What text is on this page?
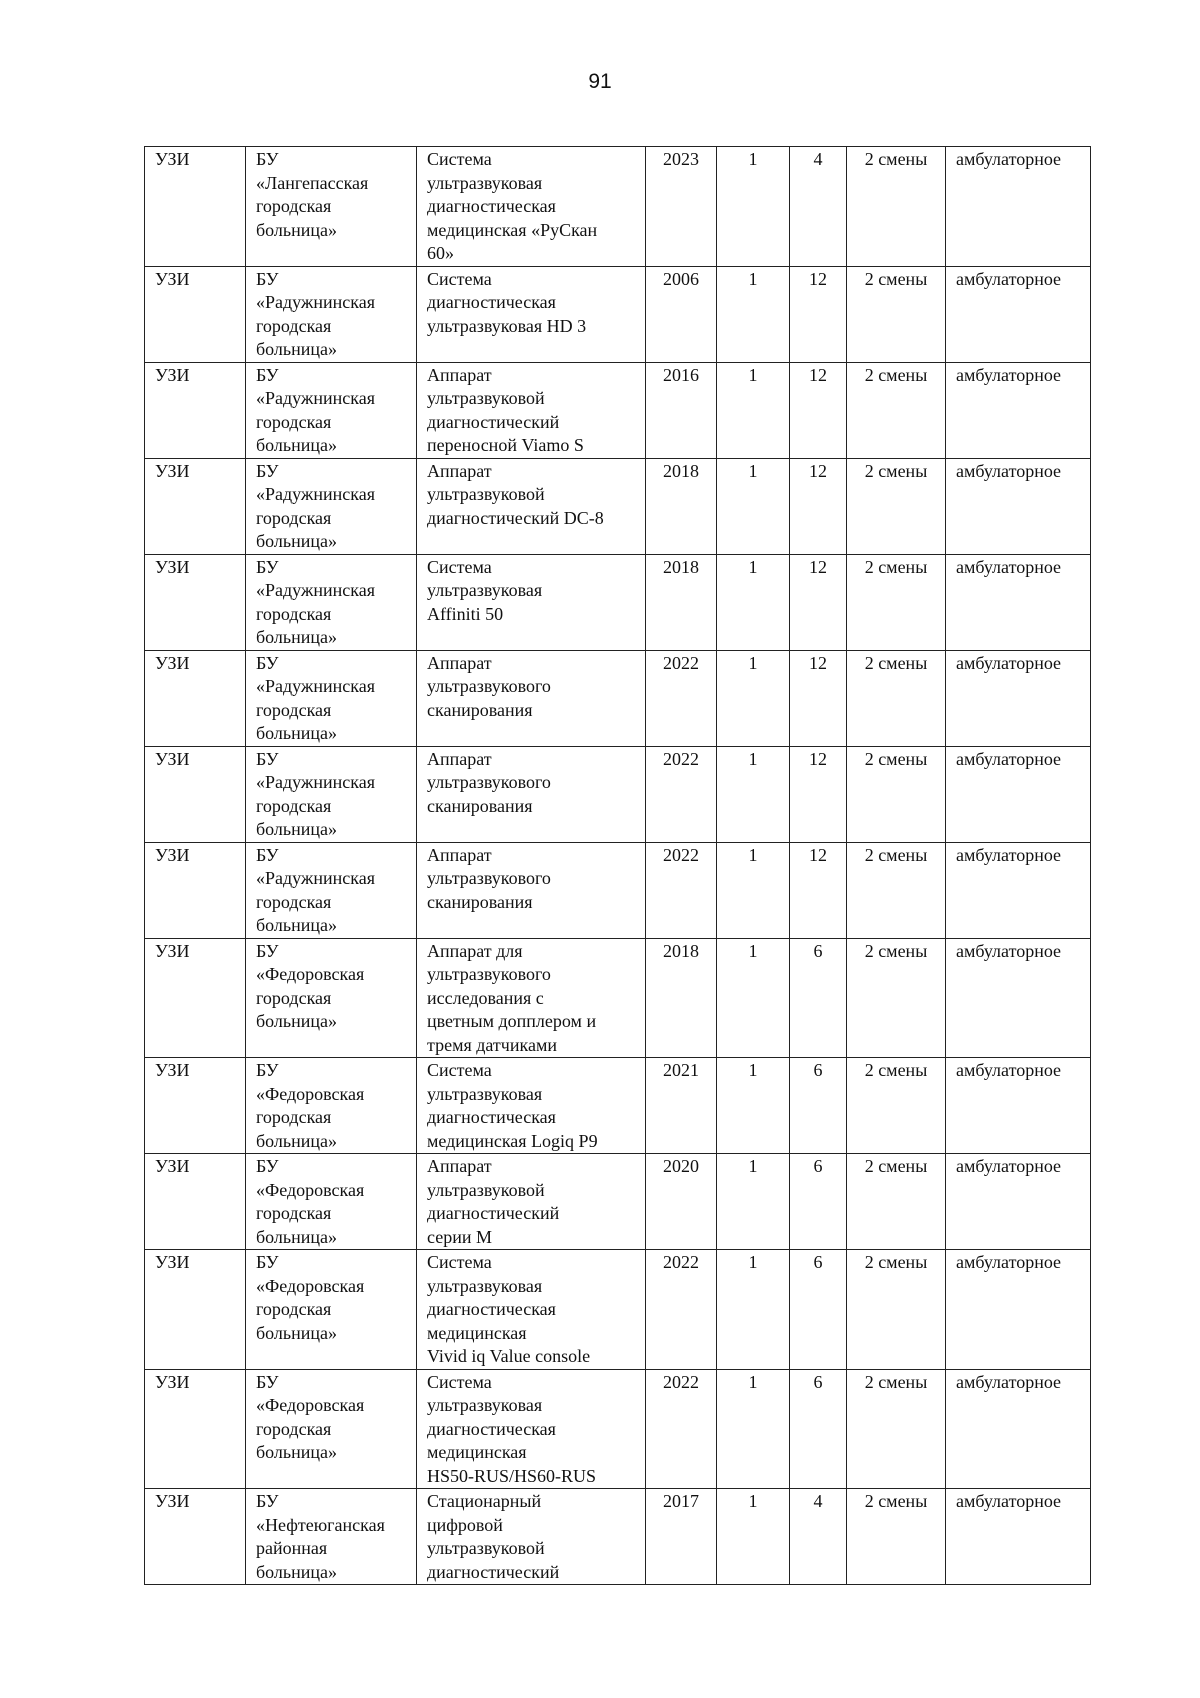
91
УЗИ	БУ
«Лангепасская
городская
больница»	Система
ультразвуковая
диагностическая
медицинская «РуСкан
60»	2023	1	4	2 смены	амбулаторное
УЗИ	БУ
«Радужнинская
городская
больница»	Система
диагностическая
ультразвуковая HD 3	2006	1	12	2 смены	амбулаторное
УЗИ	БУ
«Радужнинская
городская
больница»	Аппарат
ультразвуковой
диагностический
переносной Viamo S	2016	1	12	2 смены	амбулаторное
УЗИ	БУ
«Радужнинская
городская
больница»	Аппарат
ультразвуковой
диагностический DC-8	2018	1	12	2 смены	амбулаторное
УЗИ	БУ
«Радужнинская
городская
больница»	Система
ультразвуковая
Affiniti 50	2018	1	12	2 смены	амбулаторное
УЗИ	БУ
«Радужнинская
городская
больница»	Аппарат
ультразвукового
сканирования	2022	1	12	2 смены	амбулаторное
УЗИ	БУ
«Радужнинская
городская
больница»	Аппарат
ультразвукового
сканирования	2022	1	12	2 смены	амбулаторное
УЗИ	БУ
«Радужнинская
городская
больница»	Аппарат
ультразвукового
сканирования	2022	1	12	2 смены	амбулаторное
УЗИ	БУ
«Федоровская
городская
больница»	Аппарат для
ультразвукового
исследования с
цветным допплером и
тремя датчиками	2018	1	6	2 смены	амбулаторное
УЗИ	БУ
«Федоровская
городская
больница»	Система
ультразвуковая
диагностическая
медицинская Logiq P9	2021	1	6	2 смены	амбулаторное
УЗИ	БУ
«Федоровская
городская
больница»	Аппарат
ультразвуковой
диагностический
серии M	2020	1	6	2 смены	амбулаторное
УЗИ	БУ
«Федоровская
городская
больница»	Система
ультразвуковая
диагностическая
медицинская
Vivid iq Value console	2022	1	6	2 смены	амбулаторное
УЗИ	БУ
«Федоровская
городская
больница»	Система
ультразвуковая
диагностическая
медицинская
HS50-RUS/HS60-RUS	2022	1	6	2 смены	амбулаторное
УЗИ	БУ
«Нефтеюганская
районная
больница»	Стационарный
цифровой
ультразвуковой
диагностический	2017	1	4	2 смены	амбулаторное
